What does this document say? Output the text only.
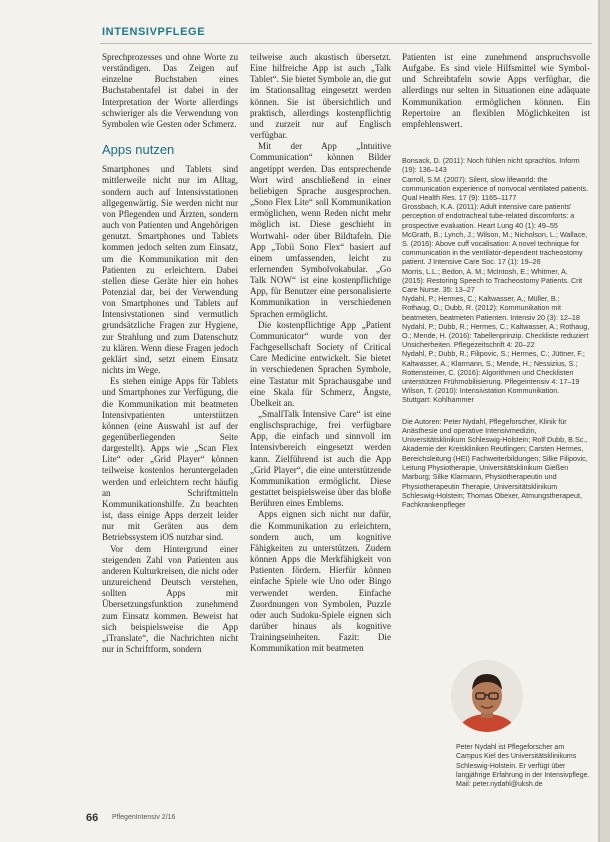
INTENSIVPFLEGE

Sprechprozesses und ohne Worte zu verständigen. Das Zeigen auf einzelne Buchstaben eines Buchstabentafel ist dabei in der Interpretation der Worte allerdings schwieriger als die Verwendung von Symbolen wie Gesten oder Schmerz.

Apps nutzen

Smartphones und Tablets sind mittlerweile nicht nur im Alltag, sondern auch auf Intensivstationen allgegenwärtig. Sie werden nicht nur von Pflegenden und Ärzten, sondern auch von Patienten und Angehörigen genutzt. Smartphones und Tablets kommen jedoch selten zum Einsatz, um die Kommunikation mit den Patienten zu erleichtern. Dabei stellen diese Geräte hier ein hohes Potenzial dar, bei der Verwendung von Smartphones und Tablets auf Intensivstationen sind vermutlich grundsätzliche Fragen zur Hygiene, zur Strahlung und zum Datenschutz zu klären. Wenn diese Fragen jedoch geklärt sind, setzt einem Einsatz nichts im Wege.

Es stehen einige Apps für Tablets und Smartphones zur Verfügung, die die Kommunikation mit beatmeten Intensivpatienten unterstützen können (eine Auswahl ist auf der gegenüberliegenden Seite dargestellt). Apps wie „Scan Flex Lite“ oder „Grid Player“ können teilweise kostenlos heruntergeladen werden und erleichtern recht häufig an Schriftmitteln Kommunikationshilfe. Zu beachten ist, dass einige Apps derzeit leider nur mit Geräten aus dem Betriebssystem iOS nutzbar sind.

Vor dem Hintergrund einer steigenden Zahl von Patienten aus anderen Kulturkreisen, die nicht oder unzureichend Deutsch verstehen, sollten Apps mit Übersetzungsfunktion zunehmend zum Einsatz kommen. Beweist hat sich beispielsweise die App „iTranslate“, die Nachrichten nicht nur in Schriftform, sondern

teilweise auch akustisch übersetzt. Eine hilfreiche App ist auch „Talk Tablet“. Sie bietet Symbole an, die gut im Stationsalltag eingesetzt werden können. Sie ist übersichtlich und praktisch, allerdings kostenpflichtig und zurzeit nur auf Englisch verfügbar.

Mit der App „Intuitive Communication“ können Bilder angetippt werden. Das entsprechende Wort wird anschließend in einer beliebigen Sprache ausgesprochen. „Sono Flex Lite“ soll Kommunikation ermöglichen, wenn Reden nicht mehr möglich ist. Diese geschieht in Wortwahl- oder über Bildtafeln. Die App „Tobii Sono Flex“ basiert auf einem umfassenden, leicht zu erlernenden Symbolvokabular. „Go Talk NOW“ ist eine kostenpflichtige App, für Benutzer eine personalisierte Kommunikation in verschiedenen Sprachen ermöglicht.

Die kostenpflichtige App „Patient Communicator“ wurde von der Fachgesellschaft Society of Critical Care Medicine entwickelt. Sie bietet in verschiedenen Sprachen Symbole, eine Tastatur mit Sprachausgabe und eine Skala für Schmerz, Ängste, Übelkeit an.

„SmallTalk Intensive Care“ ist eine englischsprachige, frei verfügbare App, die einfach und sinnvoll im Intensivbereich eingesetzt werden kann. Zielführend ist auch die App „Grid Player“, die eine unterstützende Kommunikation ermöglicht. Diese gestattet beispielsweise über das bloße Berühren eines Emblems.

Apps eignen sich nicht nur dafür, die Kommunikation zu erleichtern, sondern auch, um kognitive Fähigkeiten zu unterstützen. Zudem können Apps die Merkfähigkeit von Patienten fördern. Hierfür können einfache Spiele wie Uno oder Bingo verwendet werden. Einfache Zuordnungen von Symbolen, Puzzle oder auch Sudoku-Spiele eignen sich darüber hinaus als kognitive Trainingseinheiten. Fazit: Die Kommunikation mit beatmeten

Patienten ist eine zunehmend anspruchsvolle Aufgabe. Es sind viele Hilfsmittel wie Symbol- und Schreibtafeln sowie Apps verfügbar, die allerdings nur selten in Situationen eine adäquate Kommunikation ermöglichen können. Ein Repertoire an flexiblen Möglichkeiten ist empfehlenswert.

Bonsack, D. (2011): Noch fühlen nicht sprachlos. Inform (19): 136–143
Carroll, S.M. (2007): Silent, slow lifeworld: the communication experience of nonvocal ventilated patients. Qual Health Res. 17 (9): 1165–1177
Grossbach, K.A. (2011): Adult intensive care patients' perception of endotracheal tube-related discomforts: a prospective evaluation. Heart Lung 40 (1): 49–55
McGrath, B.; Lynch, J.; Wilson, M.; Nicholson, L.; Wallace, S. (2016): Above cuff vocalisation: A novel technique for communication in the ventilator-dependent tracheostomy patient. J Intensive Care Soc. 17 (1): 19–26
Morris, L.L.; Bedon, A. M.; McIntosh, E.; Whitmer, A. (2015): Restoring Speech to Tracheostomy Patients. Crit Care Nurse. 35: 13–27
Nydahl, P.; Hermes, C.; Kaltwasser, A.; Müller, B.; Rothaug, O.; Dubb, R. (2012): Kommunikation mit beatmeten, beatmeten Patienten. Intensiv 20 (3): 12–18
Nydahl, P.; Dubb, R.; Hermes, C.; Kaltwasser, A.; Rothaug, O.; Mende, H. (2016): Tabellenprinzip. Checkliste reduziert Unsicherheiten. Pflegezeitschrift 4: 20–22
Nydahl, P.; Dubb, R.; Filipovic, S.; Hermes, C.; Jüttner, F.; Kaltwasser, A.; Klarmann, S.; Mende, H.; Nessizius, S.; Rottensteiner, C. (2016): Algorithmen und Checklisten unterstützen Frühmobilisierung. Pflegeintensiv 4: 17–19
Wilson, T. (2010): Intensivstation Kommunikation. Stuttgart: Kohlhammer
Die Autoren: Peter Nydahl, Pflegeforscher, Klinik für Anästhesie und operative Intensivmedizin, Universitätsklinikum Schleswig-Holstein; Rolf Dubb, B.Sc., Akademie der Kreiskliniken Reutlingen; Carsten Hermes, Bereichsleitung (HEI) Fachweiterbildungen; Silke Filipovic, Leitung Physiotherapie, Universitätsklinikum Gießen Marburg; Silke Klarmann, Physiotherapeutin und Physiotherapeutin Therapie, Universitätsklinikum Schleswig-Holstein; Thomas Obexer, Atmungstherapeut, Fachkrankenpfleger
Peter Nydahl ist Pflegeforscher am Campus Kiel des Universitätsklinikums Schleswig-Holstein. Er verfügt über langjährige Erfahrung in der Intensivpflege. Mail: peter.nydahl@uksh.de
66 PflegenIntensiv 2/16
